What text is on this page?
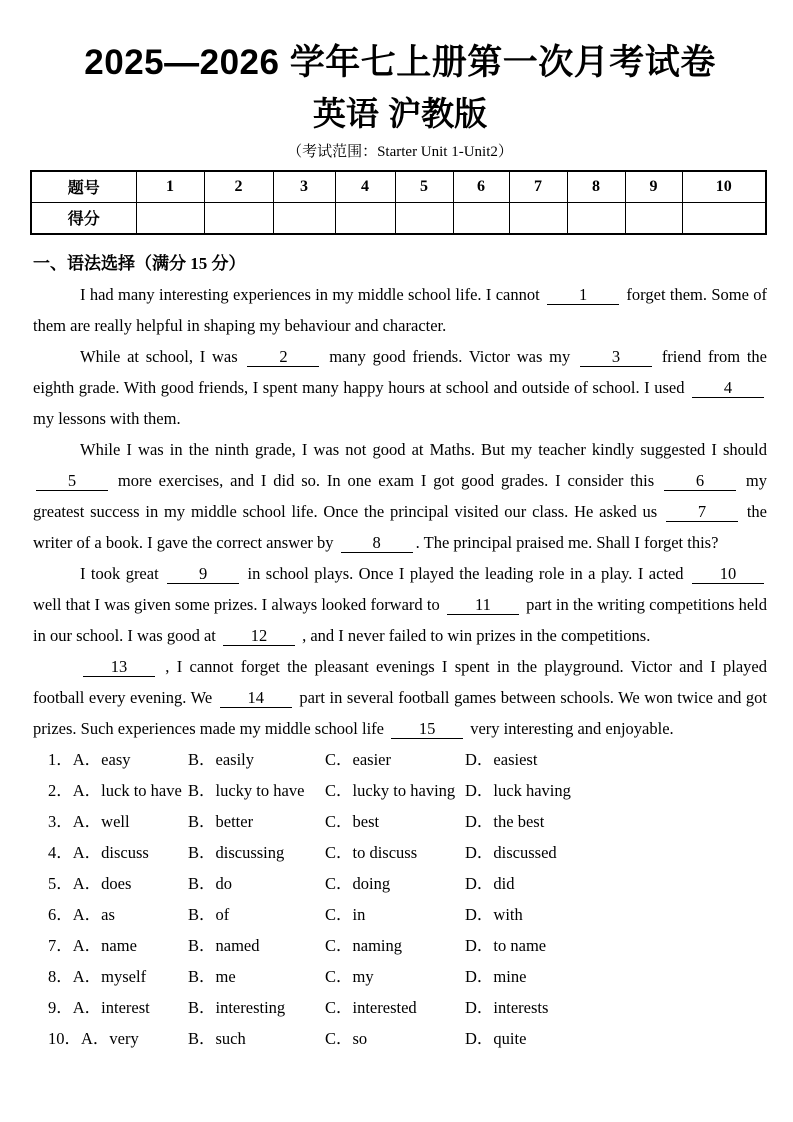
2025—2026 学年七上册第一次月考试卷
英语 沪教版
（考试范围：Starter Unit 1-Unit2）
题号	1	2	3	4	5	6	7	8	9	10
得分										
一、语法选择（满分 15 分）

I had many interesting experiences in my middle school life. I cannot 1 forget them. Some of them are really helpful in shaping my behaviour and character.

While at school, I was 2 many good friends. Victor was my 3 friend from the eighth grade. With good friends, I spent many happy hours at school and outside of school. I used 4 my lessons with them.

While I was in the ninth grade, I was not good at Maths. But my teacher kindly suggested I should 5 more exercises, and I did so. In one exam I got good grades. I consider this 6 my greatest success in my middle school life. Once the principal visited our class. He asked us 7 the writer of a book. I gave the correct answer by 8 . The principal praised me. Shall I forget this?

I took great 9 in school plays. Once I played the leading role in a play. I acted 10 well that I was given some prizes. I always looked forward to 11 part in the writing competitions held in our school. I was good at 12 , and I never failed to win prizes in the competitions.

13 , I cannot forget the pleasant evenings I spent in the playground. Victor and I played football every evening. We 14 part in several football games between schools. We won twice and got prizes. Such experiences made my middle school life 15 very interesting and enjoyable.

1．A．easy	B．easily	C．easier	D．easiest
2．A．luck to have B．lucky to have C．lucky to having D．luck having
3．A．well	B．better	C．best	D．the best
4．A．discuss B．discussing C．to discuss	D．discussed
5．A．does	B．do	C．doing	D．did
6．A．as	B．of	C．in	D．with
7．A．name	B．named	C．naming	D．to name
8．A．myself	B．me	C．my	D．mine
9．A．interest B．interesting C．interested	D．interests
10．A．very	B．such	C．so	D．quite
